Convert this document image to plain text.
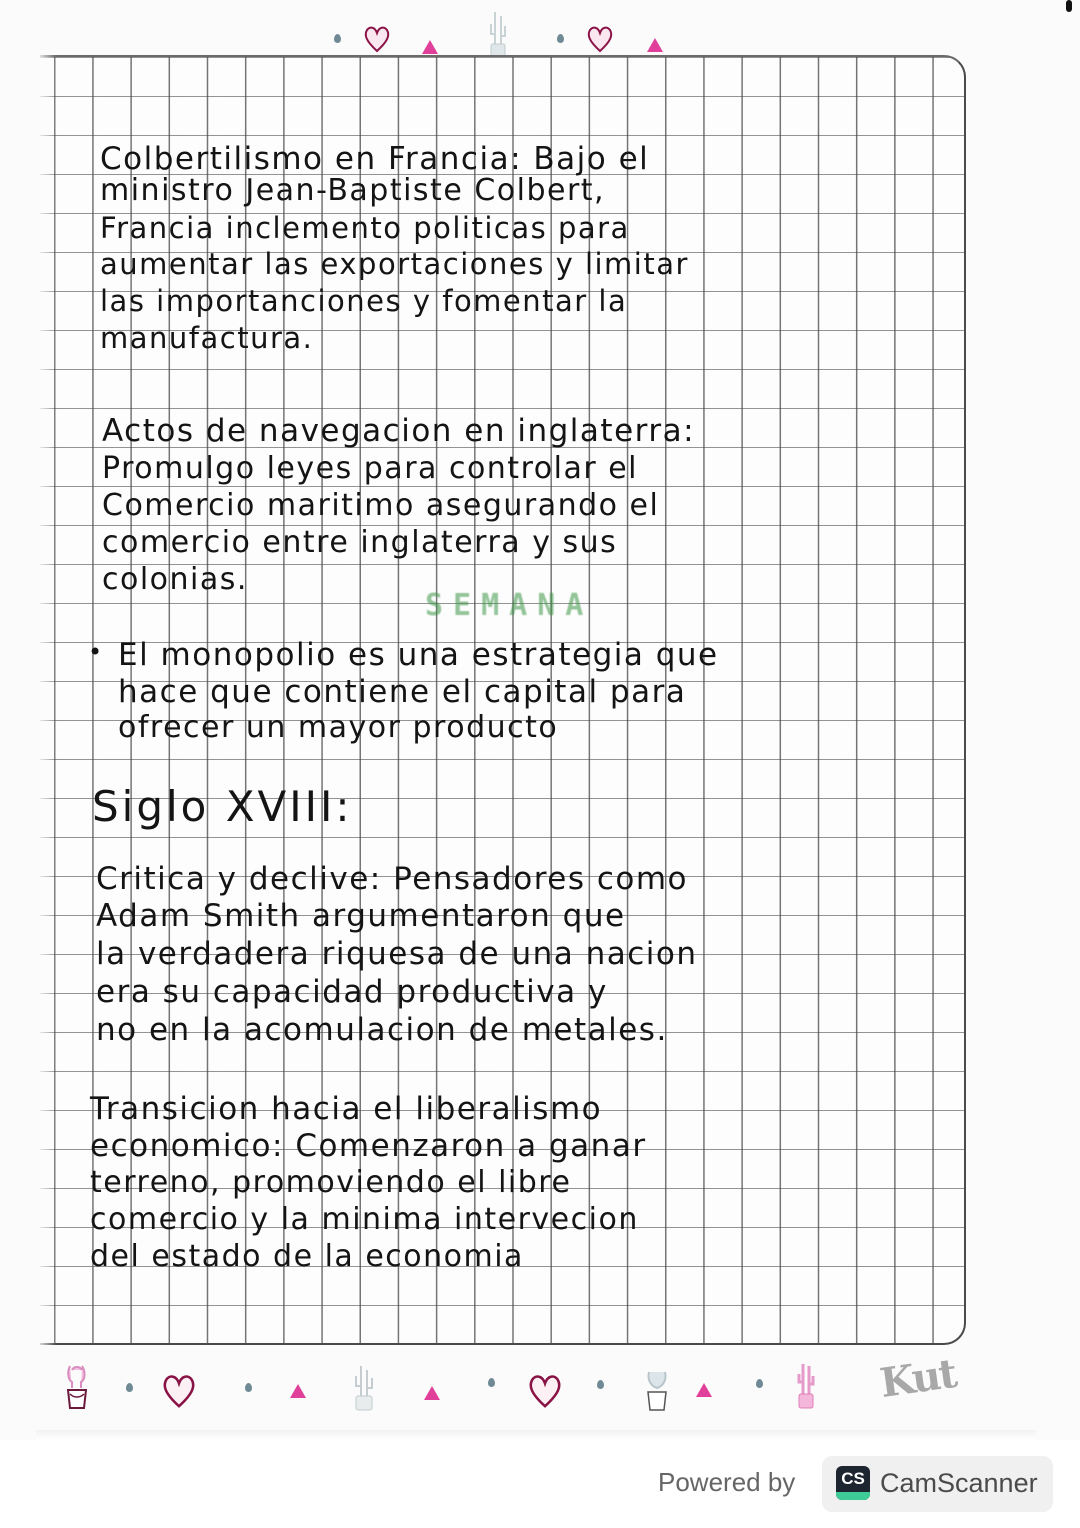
SEMANA
Colbertilismo en Francia: Bajo el
ministro Jean-Baptiste Colbert,
Francia inclemento politicas para
aumentar las exportaciones y limitar
las importanciones y fomentar la
manufactura.
Actos de navegacion en inglaterra:
Promulgo leyes para controlar el
Comercio maritimo asegurando el
comercio entre inglaterra y sus
colonias.
• El monopolio es una estrategia que
hace que contiene el capital para
ofrecer un mayor producto
Siglo XVIII:
Critica y declive: Pensadores como
Adam Smith argumentaron que
la verdadera riquesa de una nacion
era su capacidad productiva y
no en la acomulacion de metales.
Transicion hacia el liberalismo
economico: Comenzaron a ganar
terreno, promoviendo el libre
comercio y la minima intervecion
del estado de la economia
Kut
Powered by	CS CamScanner
